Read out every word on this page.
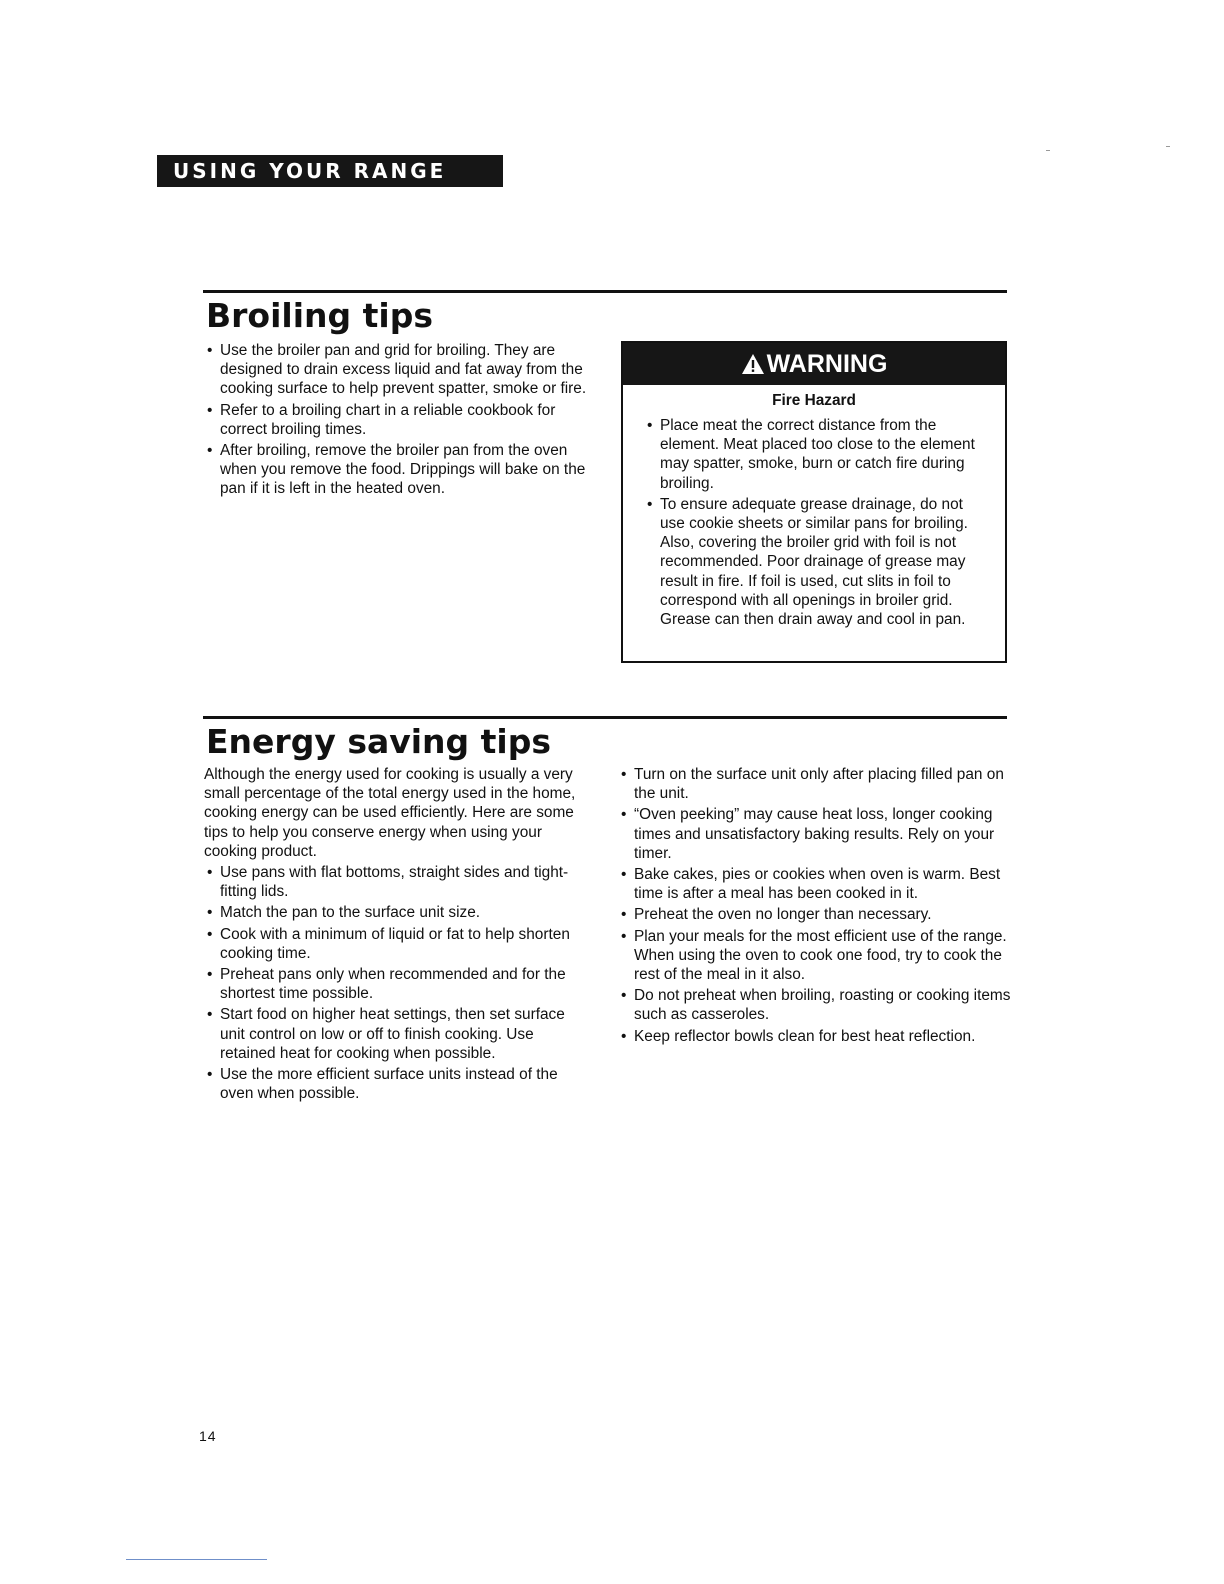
USING YOUR RANGE
Broiling tips
• Use the broiler pan and grid for broiling. They are designed to drain excess liquid and fat away from the cooking surface to help prevent spatter, smoke or fire.
• Refer to a broiling chart in a reliable cookbook for correct broiling times.
• After broiling, remove the broiler pan from the oven when you remove the food. Drippings will bake on the pan if it is left in the heated oven.
WARNING
Fire Hazard
• Place meat the correct distance from the element. Meat placed too close to the element may spatter, smoke, burn or catch fire during broiling.
• To ensure adequate grease drainage, do not use cookie sheets or similar pans for broiling. Also, covering the broiler grid with foil is not recommended. Poor drainage of grease may result in fire. If foil is used, cut slits in foil to correspond with all openings in broiler grid. Grease can then drain away and cool in pan.
Energy saving tips

Although the energy used for cooking is usually a very small percentage of the total energy used in the home, cooking energy can be used efficiently. Here are some tips to help you conserve energy when using your cooking product.

• Use pans with flat bottoms, straight sides and tight-fitting lids.
• Match the pan to the surface unit size.
• Cook with a minimum of liquid or fat to help shorten cooking time.
• Preheat pans only when recommended and for the shortest time possible.
• Start food on higher heat settings, then set surface unit control on low or off to finish cooking. Use retained heat for cooking when possible.
• Use the more efficient surface units instead of the oven when possible.
• Turn on the surface unit only after placing filled pan on the unit.
• “Oven peeking” may cause heat loss, longer cooking times and unsatisfactory baking results. Rely on your timer.
• Bake cakes, pies or cookies when oven is warm. Best time is after a meal has been cooked in it.
• Preheat the oven no longer than necessary.
• Plan your meals for the most efficient use of the range. When using the oven to cook one food, try to cook the rest of the meal in it also.
• Do not preheat when broiling, roasting or cooking items such as casseroles.
• Keep reflector bowls clean for best heat reflection.
14
